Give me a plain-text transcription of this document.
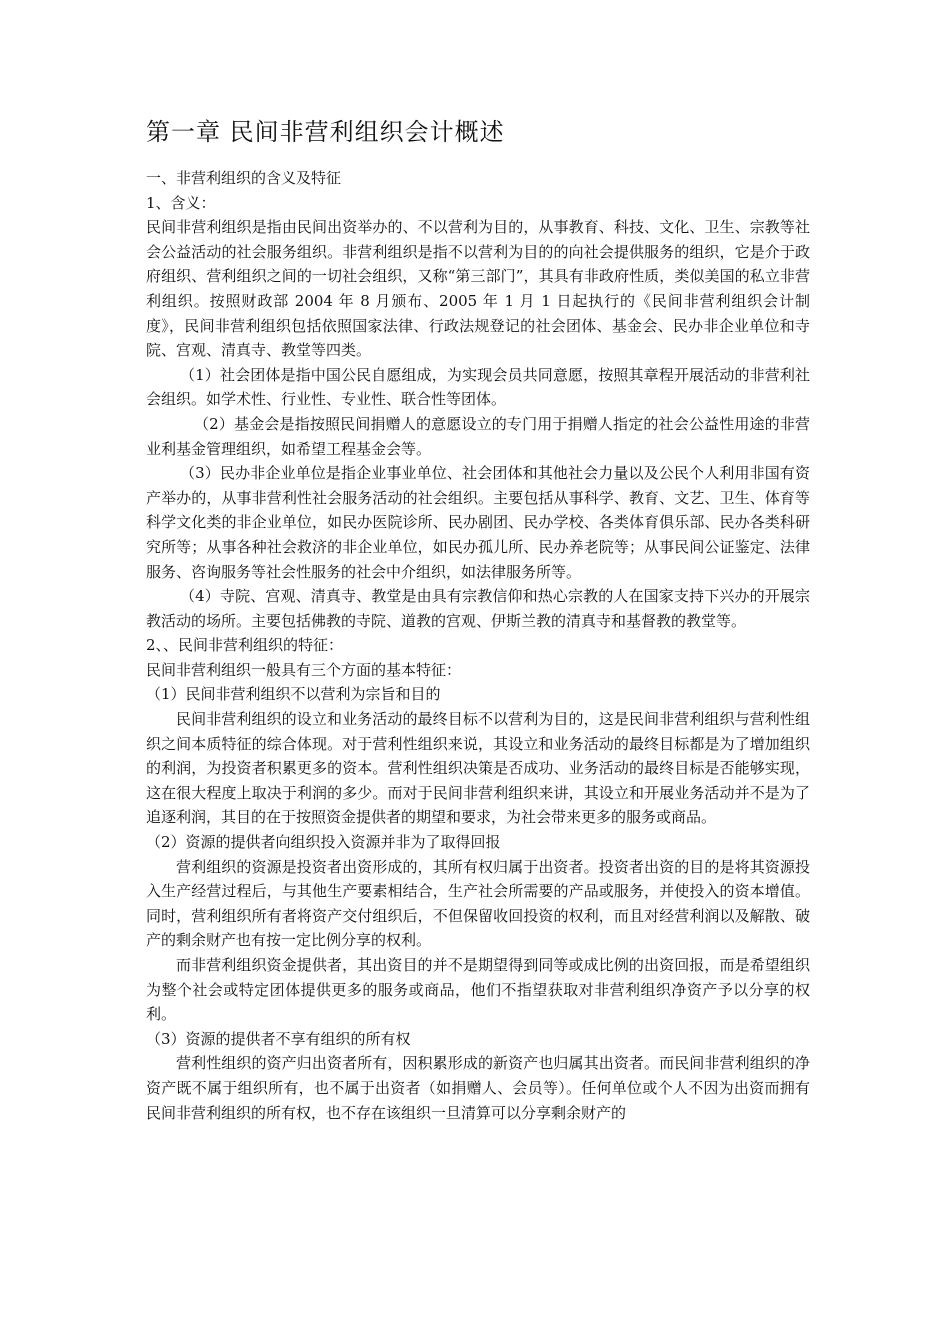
第一章 民间非营利组织会计概述

一、非营利组织的含义及特征

1、含义：

民间非营利组织是指由民间出资举办的、不以营利为目的，从事教育、科技、文化、卫生、宗教等社会公益活动的社会服务组织。非营利组织是指不以营利为目的的向社会提供服务的组织，它是介于政府组织、营利组织之间的一切社会组织，又称“第三部门”，其具有非政府性质，类似美国的私立非营利组织。按照财政部 2004 年 8 月颁布、2005 年 1 月 1 日起执行的《民间非营利组织会计制度》，民间非营利组织包括依照国家法律、行政法规登记的社会团体、基金会、民办非企业单位和寺院、宫观、清真寺、教堂等四类。

（1）社会团体是指中国公民自愿组成，为实现会员共同意愿，按照其章程开展活动的非营利社会组织。如学术性、行业性、专业性、联合性等团体。

（2）基金会是指按照民间捐赠人的意愿设立的专门用于捐赠人指定的社会公益性用途的非营业利基金管理组织，如希望工程基金会等。

（3）民办非企业单位是指企业事业单位、社会团体和其他社会力量以及公民个人利用非国有资产举办的，从事非营利性社会服务活动的社会组织。主要包括从事科学、教育、文艺、卫生、体育等科学文化类的非企业单位，如民办医院诊所、民办剧团、民办学校、各类体育俱乐部、民办各类科研究所等；从事各种社会救济的非企业单位，如民办孤儿所、民办养老院等；从事民间公证鉴定、法律服务、咨询服务等社会性服务的社会中介组织，如法律服务所等。

（4）寺院、宫观、清真寺、教堂是由具有宗教信仰和热心宗教的人在国家支持下兴办的开展宗教活动的场所。主要包括佛教的寺院、道教的宫观、伊斯兰教的清真寺和基督教的教堂等。

2、、民间非营利组织的特征：

民间非营利组织一般具有三个方面的基本特征：

（1）民间非营利组织不以营利为宗旨和目的

民间非营利组织的设立和业务活动的最终目标不以营利为目的，这是民间非营利组织与营利性组织之间本质特征的综合体现。对于营利性组织来说，其设立和业务活动的最终目标都是为了增加组织的利润，为投资者积累更多的资本。营利性组织决策是否成功、业务活动的最终目标是否能够实现，这在很大程度上取决于利润的多少。而对于民间非营利组织来讲，其设立和开展业务活动并不是为了追逐利润，其目的在于按照资金提供者的期望和要求，为社会带来更多的服务或商品。

（2）资源的提供者向组织投入资源并非为了取得回报

营利组织的资源是投资者出资形成的，其所有权归属于出资者。投资者出资的目的是将其资源投入生产经营过程后，与其他生产要素相结合，生产社会所需要的产品或服务，并使投入的资本增值。同时，营利组织所有者将资产交付组织后，不但保留收回投资的权利，而且对经营利润以及解散、破产的剩余财产也有按一定比例分享的权利。

而非营利组织资金提供者，其出资目的并不是期望得到同等或成比例的出资回报，而是希望组织为整个社会或特定团体提供更多的服务或商品，他们不指望获取对非营利组织净资产予以分享的权利。

（3）资源的提供者不享有组织的所有权

营利性组织的资产归出资者所有，因积累形成的新资产也归属其出资者。而民间非营利组织的净资产既不属于组织所有，也不属于出资者（如捐赠人、会员等）。任何单位或个人不因为出资而拥有民间非营利组织的所有权，也不存在该组织一旦清算可以分享剩余财产的
